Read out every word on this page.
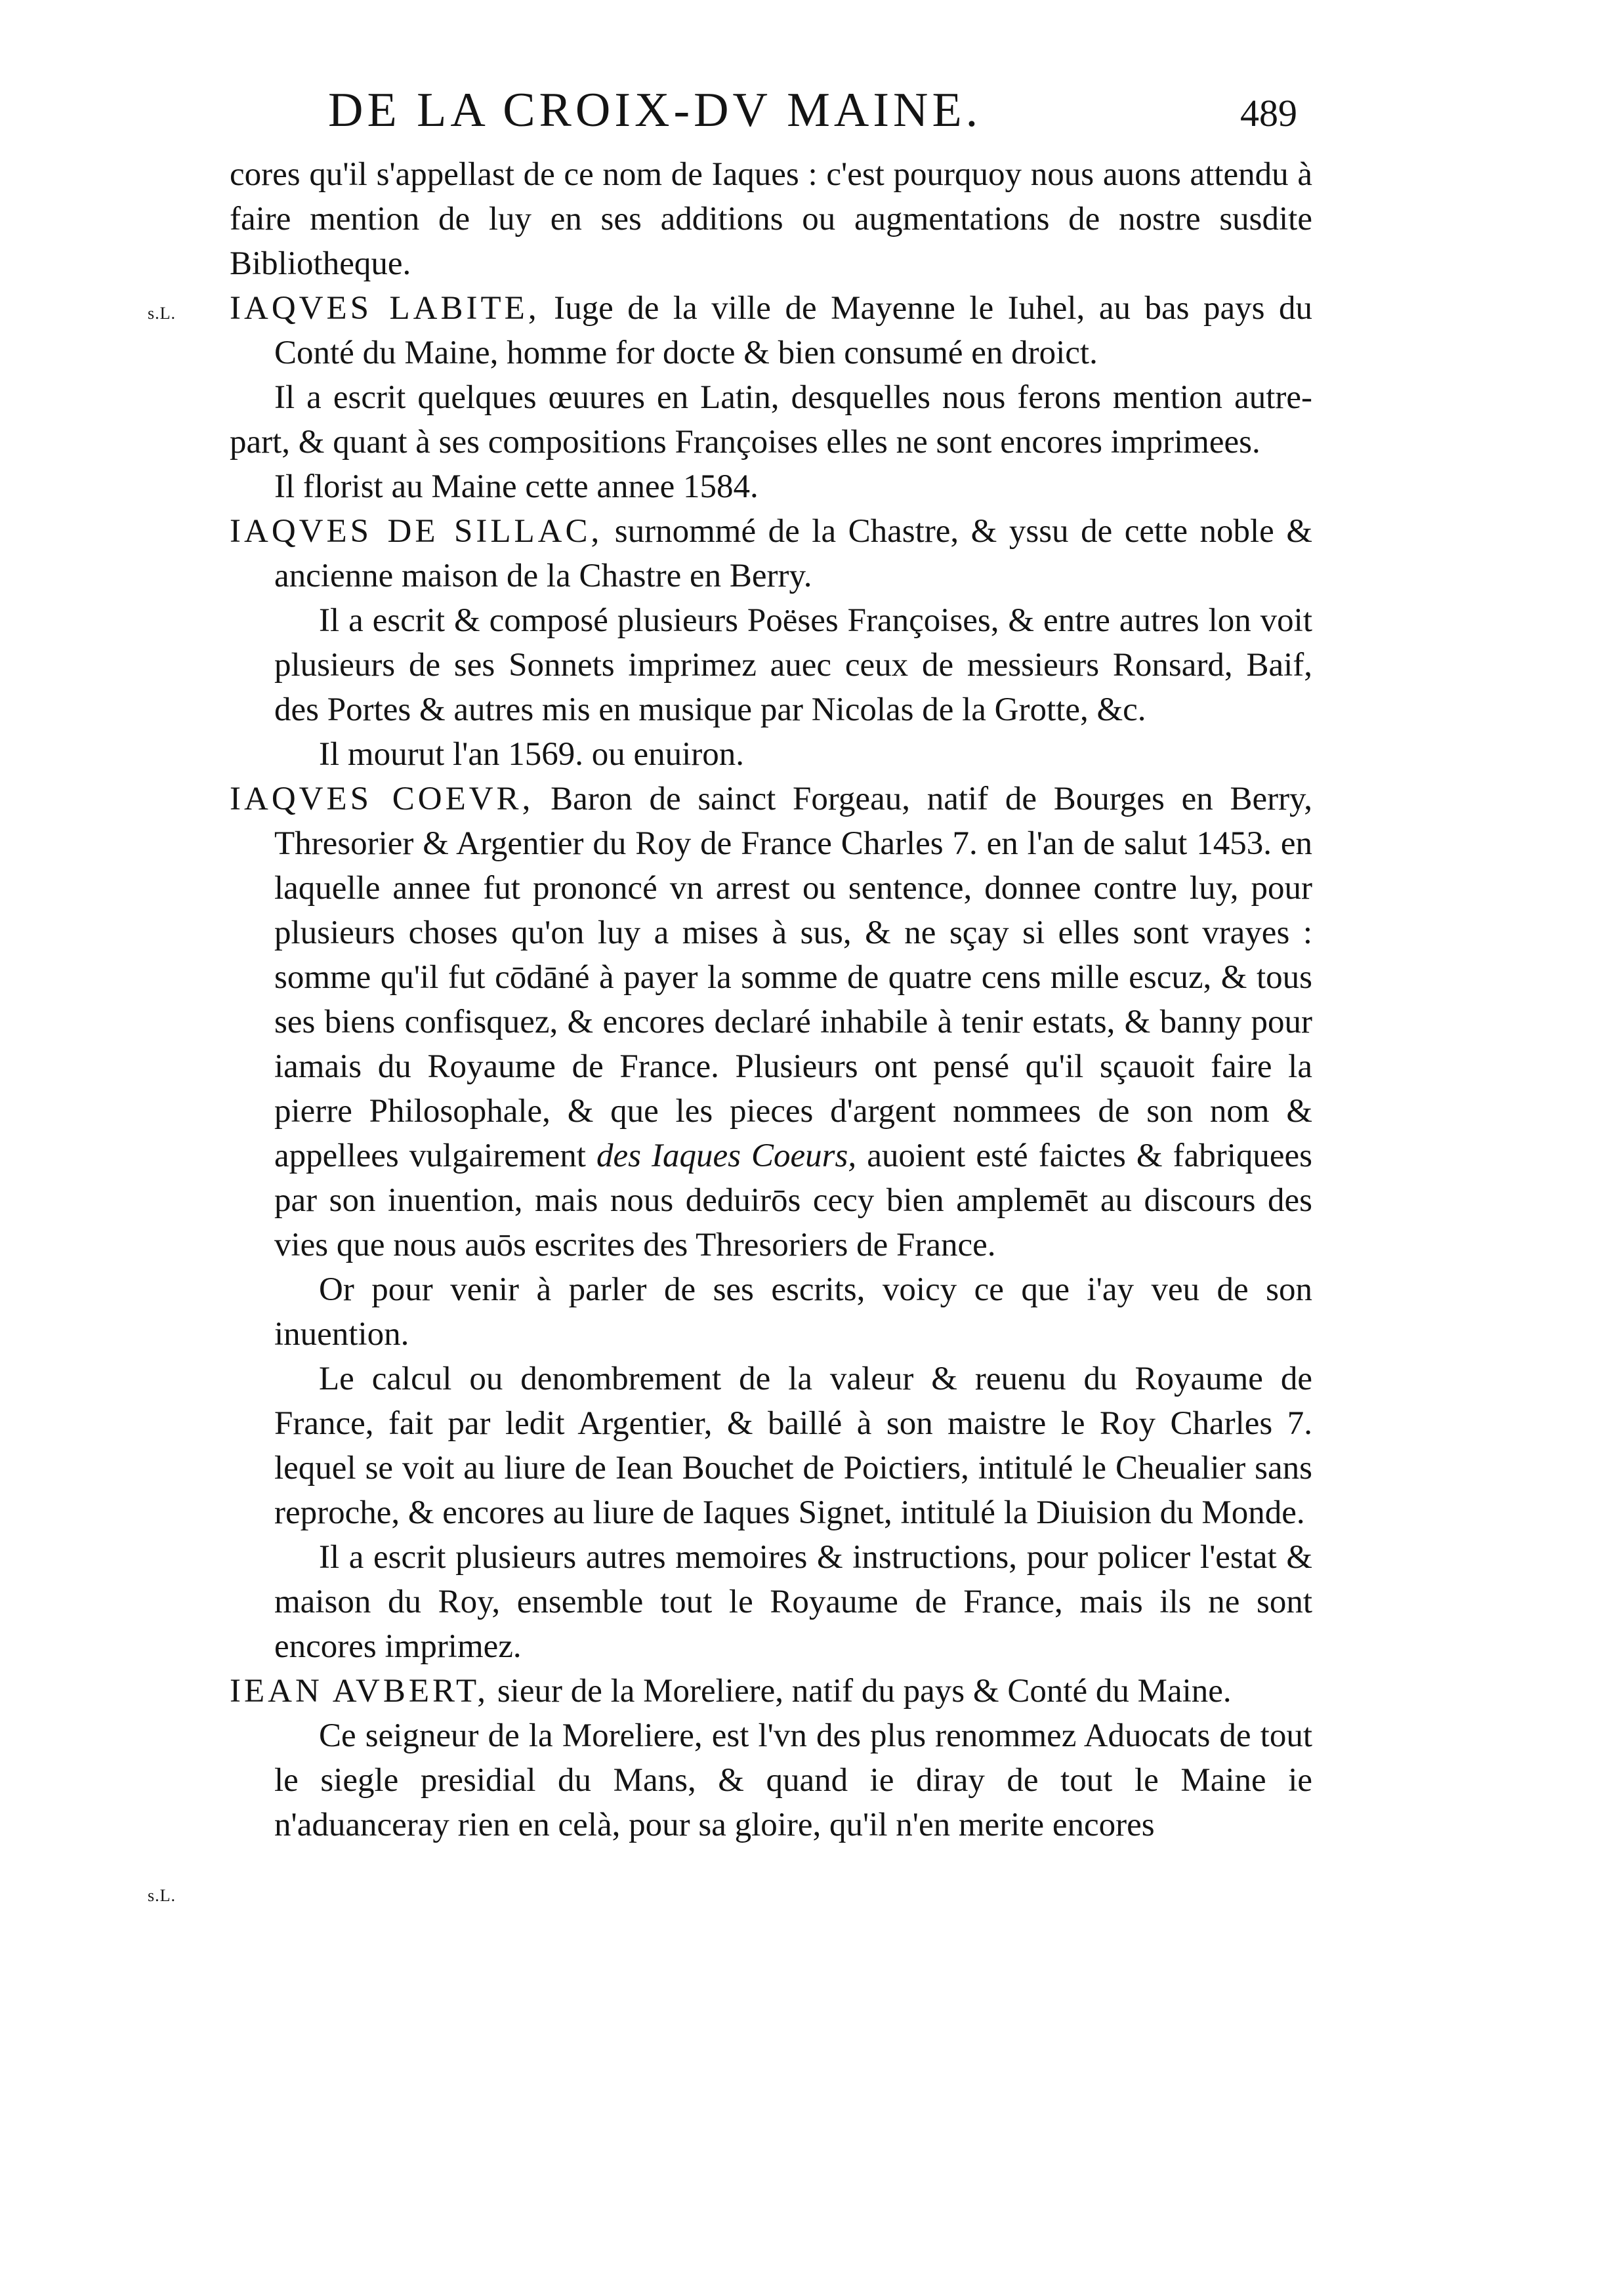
DE LA CROIX-DV MAINE.	489
s.L.
s.L.

cores qu'il s'appellast de ce nom de Iaques : c'est pourquoy nous auons attendu à faire mention de luy en ses additions ou augmentations de nostre susdite Bibliotheque.

IAQVES LABITE, Iuge de la ville de Mayenne le Iuhel, au bas pays du Conté du Maine, homme for docte & bien consumé en droict.

Il a escrit quelques œuures en Latin, desquelles nous ferons mention autre-part, & quant à ses compositions Françoises elles ne sont encores imprimees.

Il florist au Maine cette annee 1584.

IAQVES DE SILLAC, surnommé de la Chastre, & yssu de cette noble & ancienne maison de la Chastre en Berry.

Il a escrit & composé plusieurs Poëses Françoises, & entre autres lon voit plusieurs de ses Sonnets imprimez auec ceux de messieurs Ronsard, Baif, des Portes & autres mis en musique par Nicolas de la Grotte, &c.

Il mourut l'an 1569. ou enuiron.

IAQVES COEVR, Baron de sainct Forgeau, natif de Bourges en Berry, Thresorier & Argentier du Roy de France Charles 7. en l'an de salut 1453. en laquelle annee fut prononcé vn arrest ou sentence, donnee contre luy, pour plusieurs choses qu'on luy a mises à sus, & ne sçay si elles sont vrayes : somme qu'il fut cōdāné à payer la somme de quatre cens mille escuz, & tous ses biens confisquez, & encores declaré inhabile à tenir estats, & banny pour iamais du Royaume de France. Plusieurs ont pensé qu'il sçauoit faire la pierre Philosophale, & que les pieces d'argent nommees de son nom & appellees vulgairement des Iaques Coeurs, auoient esté faictes & fabriquees par son inuention, mais nous deduirōs cecy bien amplemēt au discours des vies que nous auōs escrites des Thresoriers de France.

Or pour venir à parler de ses escrits, voicy ce que i'ay veu de son inuention.

Le calcul ou denombrement de la valeur & reuenu du Royaume de France, fait par ledit Argentier, & baillé à son maistre le Roy Charles 7. lequel se voit au liure de Iean Bouchet de Poictiers, intitulé le Cheualier sans reproche, & encores au liure de Iaques Signet, intitulé la Diuision du Monde.

Il a escrit plusieurs autres memoires & instructions, pour policer l'estat & maison du Roy, ensemble tout le Royaume de France, mais ils ne sont encores imprimez.

IEAN AVBERT, sieur de la Moreliere, natif du pays & Conté du Maine.

Ce seigneur de la Moreliere, est l'vn des plus renommez Aduocats de tout le siegle presidial du Mans, & quand ie diray de tout le Maine ie n'aduanceray rien en celà, pour sa gloire, qu'il n'en merite encores
